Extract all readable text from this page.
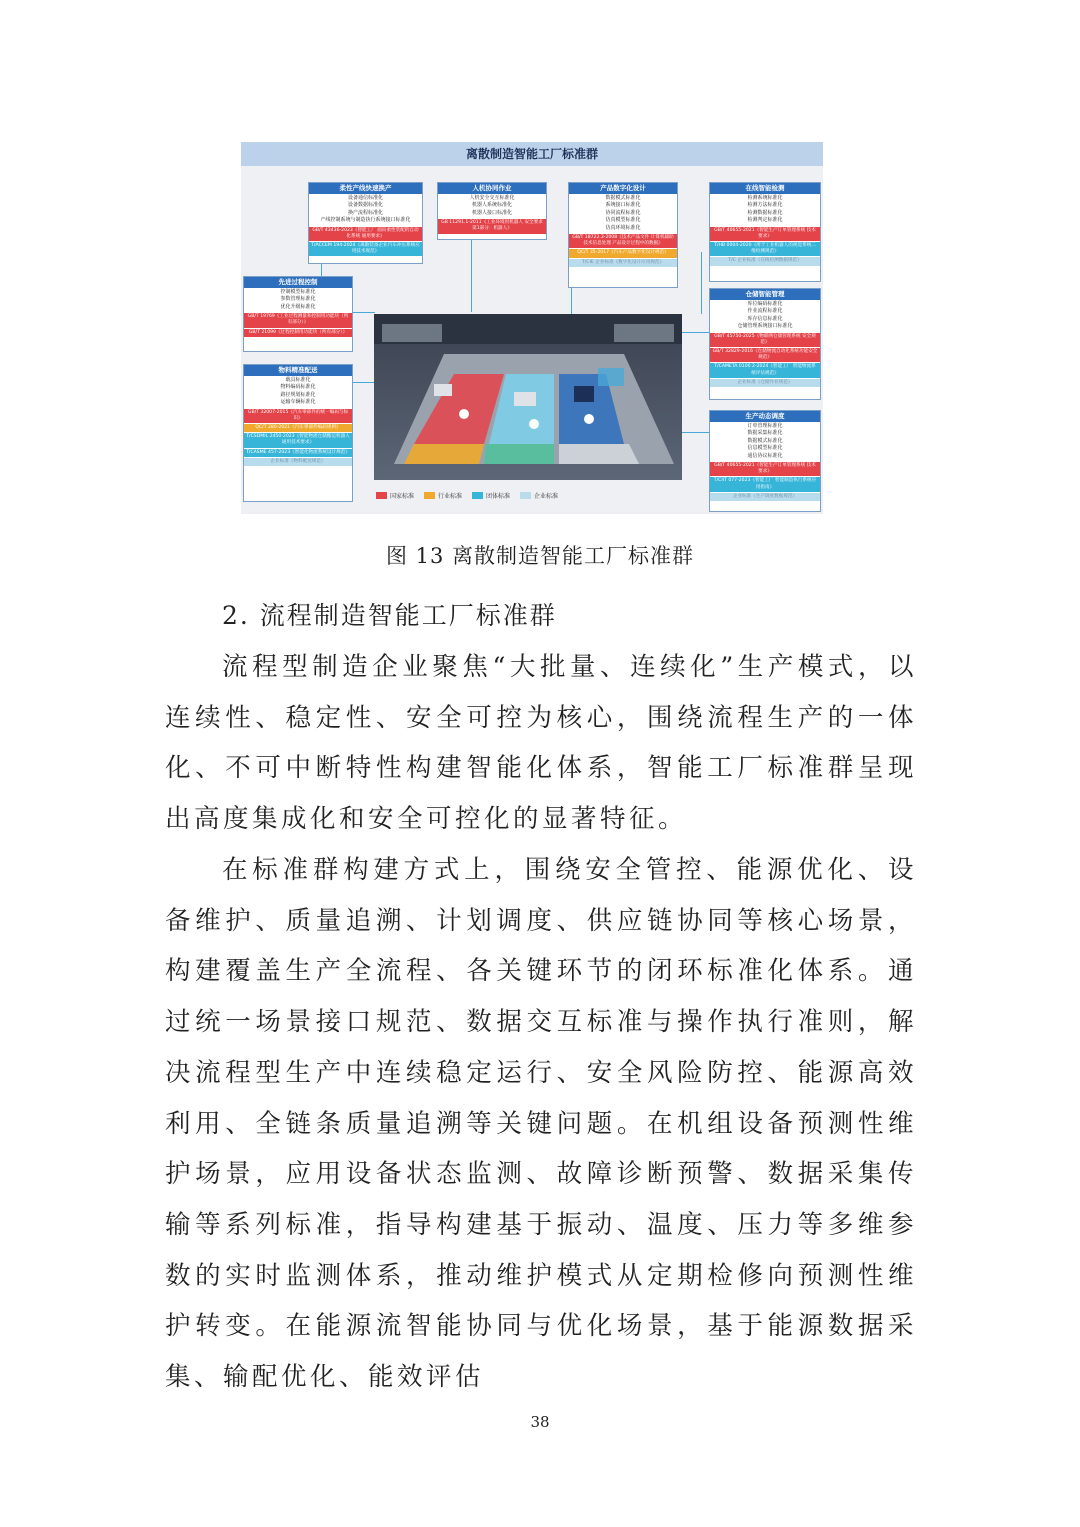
离散制造智能工厂标准群
柔性产线快速换产
设备通信标准化
设备数据标准化
换产流程标准化
产线控制系统与制造执行系统接口标准化
GB/T 43436-2023《智能工厂 面向柔性装配的自动化系统 通用要求》
T/ACCEM 194-2024《离散装备企业汽车冲压系统应用技术规范》
人机协同作业
人机安全交互标准化
机器人系统标准化
机器人接口标准化
GB 11291.1-2011《工业环境用机器人 安全要求 第1部分：机器人》
产品数字化设计
数据模式标准化
系统接口标准化
协同流程标准化
仿真模型标准化
仿真环境标准化
GB/T 18722.3-2008《技术产品文件 计算机辅助技术信息处理 产品设计过程中的数据》
QC/T 35-2017《汽车产品数字化设计规范》
T/CIE 企业标准《数字化设计应用规范》
在线智能检测
检测系统标准化
检测方法标准化
检测数据标准化
检测判定标准化
GB/T 40655-2021《智能生产订单管理系统 技术要求》
T/HB 0004-2020《用于工业机器人的视觉系统二维检测规范》
T/C 企业标准《在线检测数据规范》
先进过程控制
控制模型标准化
参数管理标准化
优化升级标准化
GB/T 19769《工业过程测量和控制用功能块（所有部分）》
GB/T 21099《过程控制用功能块（所有部分）》
仓储智能管理
库位编码标准化
作业流程标准化
库存信息标准化
仓储管理系统接口标准化
GB/T 45750-2025《物联网仓储管理系统 安全规范》
GB/T 32829-2016《仓储物流自动化系统功能安全规范》
T/CAMETA 0100 2-2024《智能工厂 智能物流系统评估规范》
企业标准《仓储作业规范》
物料精准配送
载具标准化
物料编码标准化
路径规划标准化
运输车辆标准化
GB/T 32007-2015《汽车零部件的统一编码与标识》
QC/T 280-2021《汽车零部件编码规则》
T/CSDMIL 2450-2023《智能物流仓储搬运机器人通用技术要求》
T/CASME 457-2023《智能化物流系统设计规范》
企业标准《物料配送规范》
生产动态调度
订单管理标准化
数据采集标准化
数据模式标准化
信息模型标准化
通信协议标准化
GB/T 40655-2021《智能生产订单管理系统 技术要求》
T/CIIT 077-2023《智能工厂 智能制造执行系统应用指南》
企业标准《生产调度数据规范》
国家标准	行业标准	团体标准	企业标准
图 13 离散制造智能工厂标准群
2. 流程制造智能工厂标准群

流程型制造企业聚焦“大批量、连续化”生产模式，以连续性、稳定性、安全可控为核心，围绕流程生产的一体化、不可中断特性构建智能化体系，智能工厂标准群呈现出高度集成化和安全可控化的显著特征。

在标准群构建方式上，围绕安全管控、能源优化、设备维护、质量追溯、计划调度、供应链协同等核心场景，构建覆盖生产全流程、各关键环节的闭环标准化体系。通过统一场景接口规范、数据交互标准与操作执行准则，解决流程型生产中连续稳定运行、安全风险防控、能源高效利用、全链条质量追溯等关键问题。在机组设备预测性维护场景，应用设备状态监测、故障诊断预警、数据采集传输等系列标准，指导构建基于振动、温度、压力等多维参数的实时监测体系，推动维护模式从定期检修向预测性维护转变。在能源流智能协同与优化场景，基于能源数据采集、输配优化、能效评估

38
